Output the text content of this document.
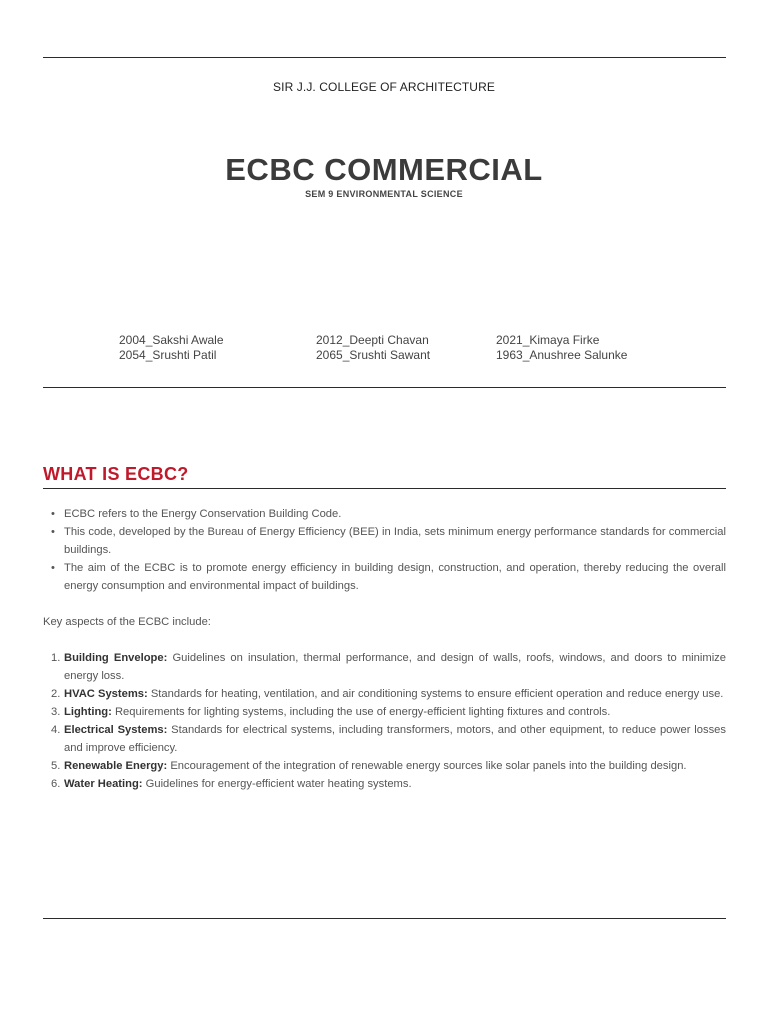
SIR J.J. COLLEGE OF ARCHITECTURE
ECBC COMMERCIAL
SEM 9 ENVIRONMENTAL SCIENCE
2004_Sakshi Awale
2054_Srushti Patil
2012_Deepti Chavan
2065_Srushti Sawant
2021_Kimaya Firke
1963_Anushree Salunke
WHAT IS ECBC?
• ECBC refers to the Energy Conservation Building Code.
• This code, developed by the Bureau of Energy Efficiency (BEE) in India, sets minimum energy performance standards for commercial buildings.
• The aim of the ECBC is to promote energy efficiency in building design, construction, and operation, thereby reducing the overall energy consumption and environmental impact of buildings.
Key aspects of the ECBC include:
1. Building Envelope: Guidelines on insulation, thermal performance, and design of walls, roofs, windows, and doors to minimize energy loss.
2. HVAC Systems: Standards for heating, ventilation, and air conditioning systems to ensure efficient operation and reduce energy use.
3. Lighting: Requirements for lighting systems, including the use of energy-efficient lighting fixtures and controls.
4. Electrical Systems: Standards for electrical systems, including transformers, motors, and other equipment, to reduce power losses and improve efficiency.
5. Renewable Energy: Encouragement of the integration of renewable energy sources like solar panels into the building design.
6. Water Heating: Guidelines for energy-efficient water heating systems.
